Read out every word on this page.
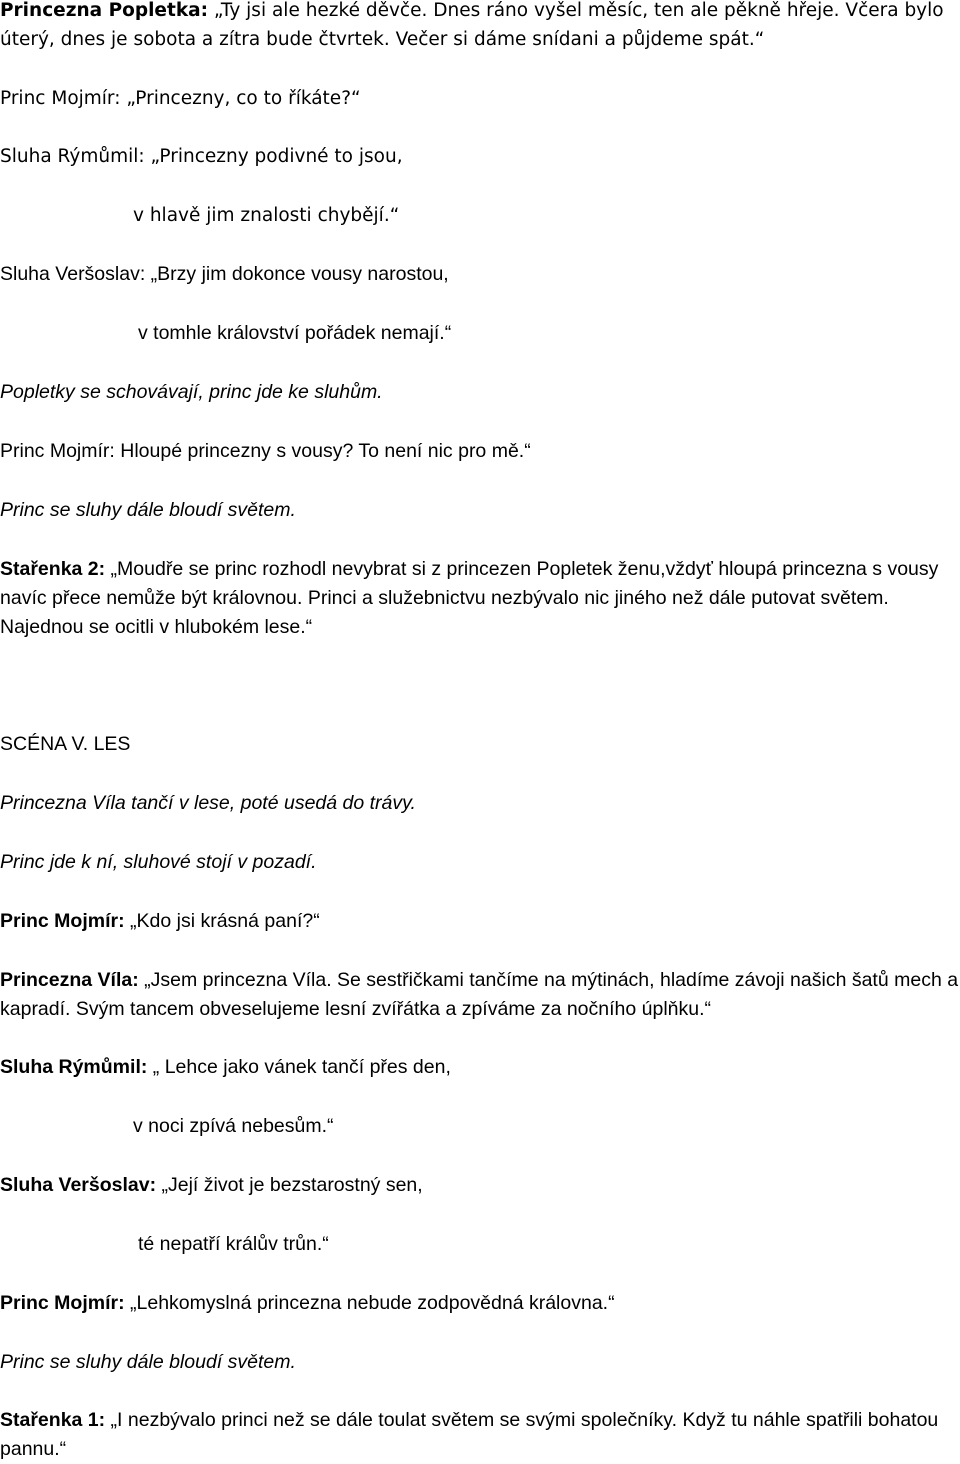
Princezna Popletka: „Ty jsi ale hezké děvče. Dnes ráno vyšel měsíc, ten ale pěkně hřeje. Včera bylo úterý, dnes je sobota a zítra bude čtvrtek. Večer si dáme snídani a půjdeme spát.“
Princ Mojmír: „Princezny, co to říkáte?“
Sluha Rýmůmil: „Princezny podivné to jsou,
v hlavě jim znalosti chybějí.“
Sluha Veršoslav: „Brzy jim dokonce vousy narostou,
v tomhle království pořádek nemají.“
Popletky se schovávají, princ jde ke sluhům.
Princ Mojmír: Hloupé princezny s vousy? To není nic pro mě.“
Princ se sluhy dále bloudí světem.
Stařenka 2: „Moudře se princ rozhodl nevybrat si z princezen Popletek ženu,vždyť hloupá princezna s vousy navíc přece nemůže být královnou. Princi a služebnictvu nezbývalo nic jiného než dále putovat světem. Najednou se ocitli v hlubokém lese.“
SCÉNA V. LES
Princezna Víla tančí v lese, poté usedá do trávy.
Princ jde k ní, sluhové stojí v pozadí.
Princ Mojmír: „Kdo jsi krásná paní?“
Princezna Víla: „Jsem princezna Víla. Se sestřičkami tančíme na mýtinách, hladíme závoji našich šatů mech a kapradí. Svým tancem obveselujeme lesní zvířátka a zpíváme za nočního úplňku.“
Sluha Rýmůmil: „ Lehce jako vánek tančí přes den,
v noci zpívá nebesům.“
Sluha Veršoslav: „Její život je bezstarostný sen,
té nepatří králův trůn.“
Princ Mojmír: „Lehkomyslná princezna nebude zodpovědná královna.“
Princ se sluhy dále bloudí světem.
Stařenka 1: „I nezbývalo princi než se dále toulat světem se svými společníky. Když tu náhle spatřili bohatou pannu.“
